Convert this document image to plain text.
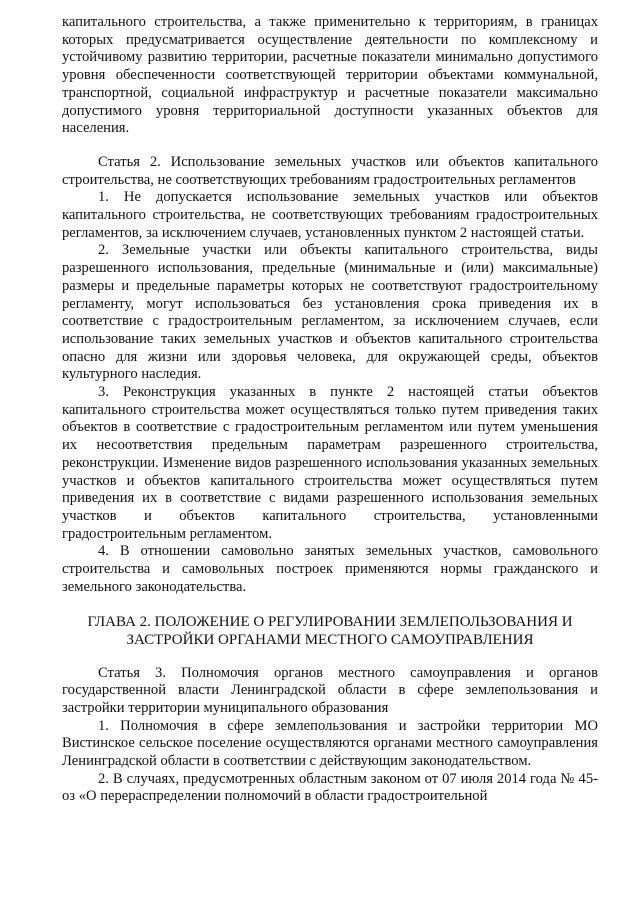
капитального строительства, а также применительно к территориям, в границах которых предусматривается осуществление деятельности по комплексному и устойчивому развитию территории, расчетные показатели минимально допустимого уровня обеспеченности соответствующей территории объектами коммунальной, транспортной, социальной инфраструктур и расчетные показатели максимально допустимого уровня территориальной доступности указанных объектов для населения.

Статья 2. Использование земельных участков или объектов капитального строительства, не соответствующих требованиям градостроительных регламентов

1. Не допускается использование земельных участков или объектов капитального строительства, не соответствующих требованиям градостроительных регламентов, за исключением случаев, установленных пунктом 2 настоящей статьи.

2. Земельные участки или объекты капитального строительства, виды разрешенного использования, предельные (минимальные и (или) максимальные) размеры и предельные параметры которых не соответствуют градостроительному регламенту, могут использоваться без установления срока приведения их в соответствие с градостроительным регламентом, за исключением случаев, если использование таких земельных участков и объектов капитального строительства опасно для жизни или здоровья человека, для окружающей среды, объектов культурного наследия.

3. Реконструкция указанных в пункте 2 настоящей статьи объектов капитального строительства может осуществляться только путем приведения таких объектов в соответствие с градостроительным регламентом или путем уменьшения их несоответствия предельным параметрам разрешенного строительства, реконструкции. Изменение видов разрешенного использования указанных земельных участков и объектов капитального строительства может осуществляться путем приведения их в соответствие с видами разрешенного использования земельных участков и объектов капитального строительства, установленными градостроительным регламентом.

4. В отношении самовольно занятых земельных участков, самовольного строительства и самовольных построек применяются нормы гражданского и земельного законодательства.

ГЛАВА 2. ПОЛОЖЕНИЕ О РЕГУЛИРОВАНИИ ЗЕМЛЕПОЛЬЗОВАНИЯ И ЗАСТРОЙКИ ОРГАНАМИ МЕСТНОГО САМОУПРАВЛЕНИЯ

Статья 3. Полномочия органов местного самоуправления и органов государственной власти Ленинградской области в сфере землепользования и застройки территории муниципального образования

1. Полномочия в сфере землепользования и застройки территории МО Вистинское сельское поселение осуществляются органами местного самоуправления Ленинградской области в соответствии с действующим законодательством.

2. В случаях, предусмотренных областным законом от 07 июля 2014 года № 45-оз «О перераспределении полномочий в области градостроительной
